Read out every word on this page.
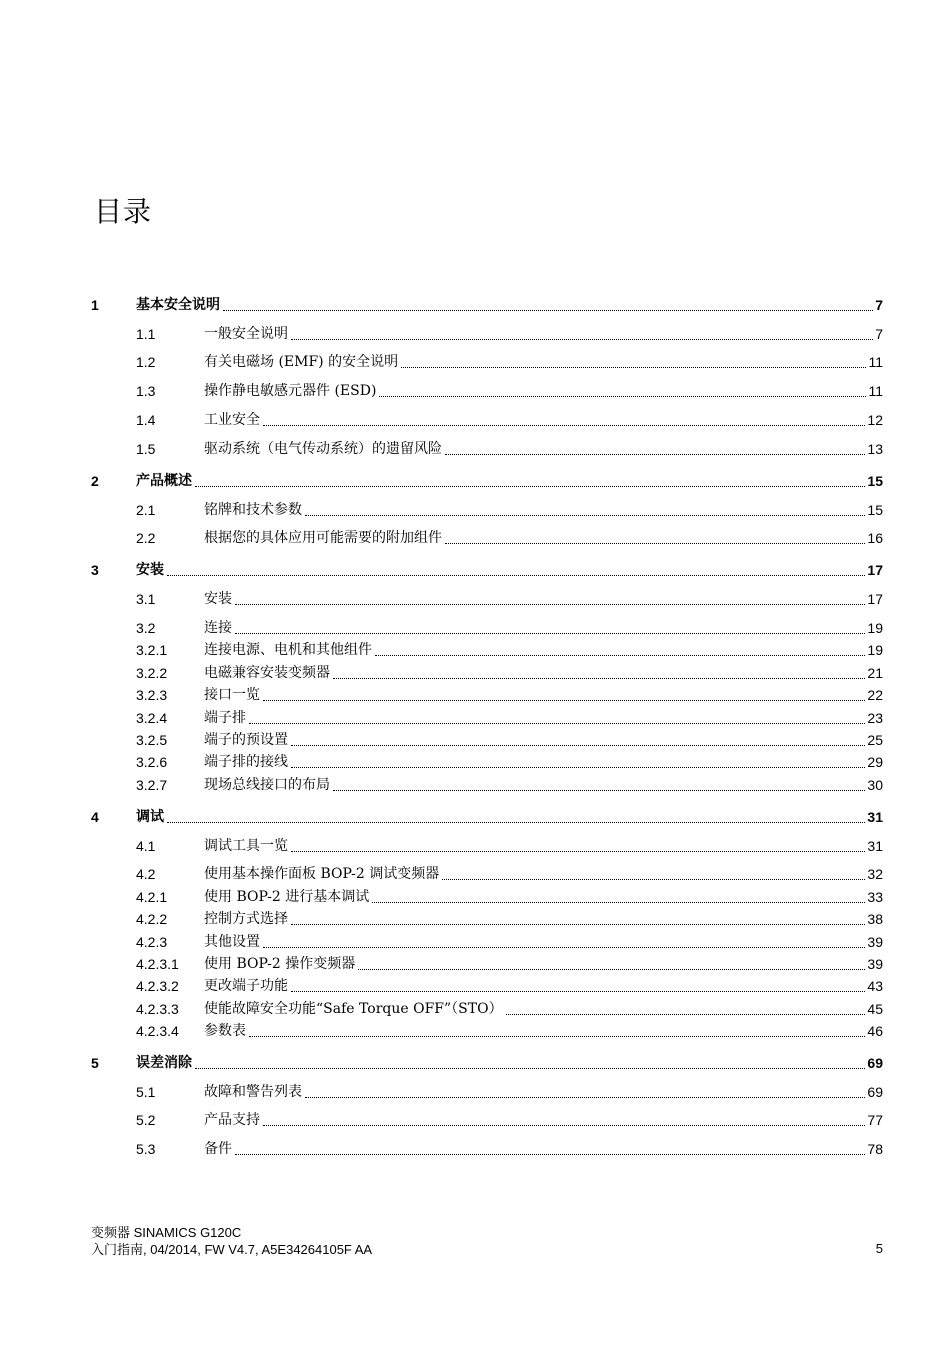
目录
1	基本安全说明	7
1.1	一般安全说明	7
1.2	有关电磁场 (EMF) 的安全说明	11
1.3	操作静电敏感元器件 (ESD)	11
1.4	工业安全	12
1.5	驱动系统（电气传动系统）的遗留风险	13
2	产品概述	15
2.1	铭牌和技术参数	15
2.2	根据您的具体应用可能需要的附加组件	16
3	安装	17
3.1	安装	17
3.2	连接	19
3.2.1	连接电源、电机和其他组件	19
3.2.2	电磁兼容安装变频器	21
3.2.3	接口一览	22
3.2.4	端子排	23
3.2.5	端子的预设置	25
3.2.6	端子排的接线	29
3.2.7	现场总线接口的布局	30
4	调试	31
4.1	调试工具一览	31
4.2	使用基本操作面板 BOP-2 调试变频器	32
4.2.1	使用 BOP-2 进行基本调试	33
4.2.2	控制方式选择	38
4.2.3	其他设置	39
4.2.3.1	使用 BOP-2 操作变频器	39
4.2.3.2	更改端子功能	43
4.2.3.3	使能故障安全功能“Safe Torque OFF”（STO）	45
4.2.3.4	参数表	46
5	误差消除	69
5.1	故障和警告列表	69
5.2	产品支持	77
5.3	备件	78
变频器 SINAMICS G120C
入门指南, 04/2014, FW V4.7, A5E34264105F AA	5
